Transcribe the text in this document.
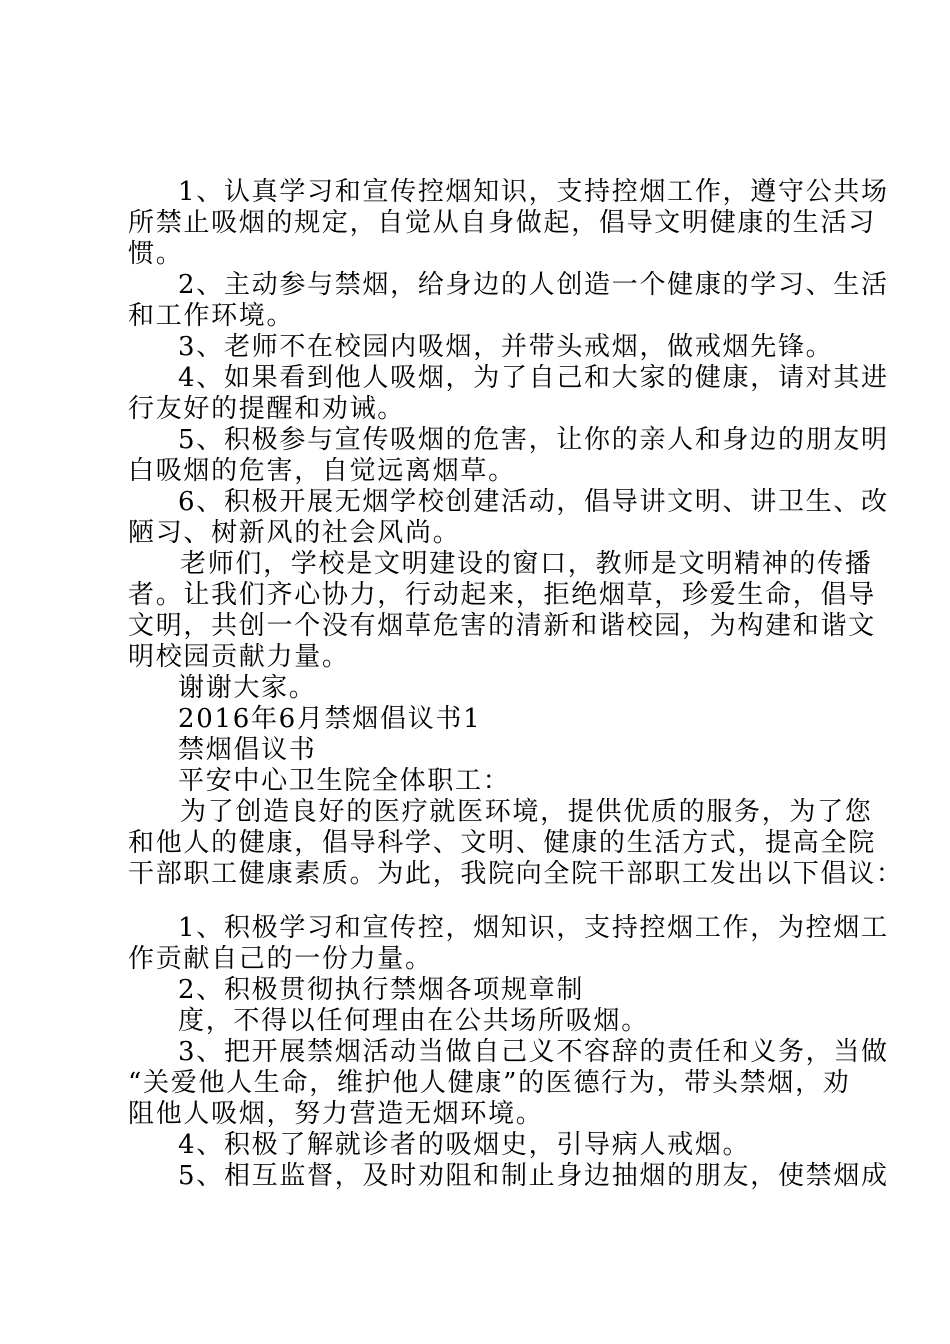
1、认真学习和宣传控烟知识，支持控烟工作，遵守公共场
所禁止吸烟的规定，自觉从自身做起，倡导文明健康的生活习
惯。
2、主动参与禁烟，给身边的人创造一个健康的学习、生活
和工作环境。
3、老师不在校园内吸烟，并带头戒烟，做戒烟先锋。
4、如果看到他人吸烟，为了自己和大家的健康，请对其进
行友好的提醒和劝诫。
5、积极参与宣传吸烟的危害，让你的亲人和身边的朋友明
白吸烟的危害，自觉远离烟草。
6、积极开展无烟学校创建活动，倡导讲文明、讲卫生、改
陋习、树新风的社会风尚。
老师们，学校是文明建设的窗口，教师是文明精神的传播
者。让我们齐心协力，行动起来，拒绝烟草，珍爱生命，倡导
文明，共创一个没有烟草危害的清新和谐校园，为构建和谐文
明校园贡献力量。
谢谢大家。
2016年6月禁烟倡议书1
禁烟倡议书
平安中心卫生院全体职工：
为了创造良好的医疗就医环境，提供优质的服务，为了您
和他人的健康，倡导科学、文明、健康的生活方式，提高全院
干部职工健康素质。为此，我院向全院干部职工发出以下倡议：
1、积极学习和宣传控，烟知识，支持控烟工作，为控烟工
作贡献自己的一份力量。
2、积极贯彻执行禁烟各项规章制
度，不得以任何理由在公共场所吸烟。
3、把开展禁烟活动当做自己义不容辞的责任和义务，当做
“关爱他人生命，维护他人健康”的医德行为，带头禁烟，劝
阻他人吸烟，努力营造无烟环境。
4、积极了解就诊者的吸烟史，引导病人戒烟。
5、相互监督，及时劝阻和制止身边抽烟的朋友，使禁烟成
